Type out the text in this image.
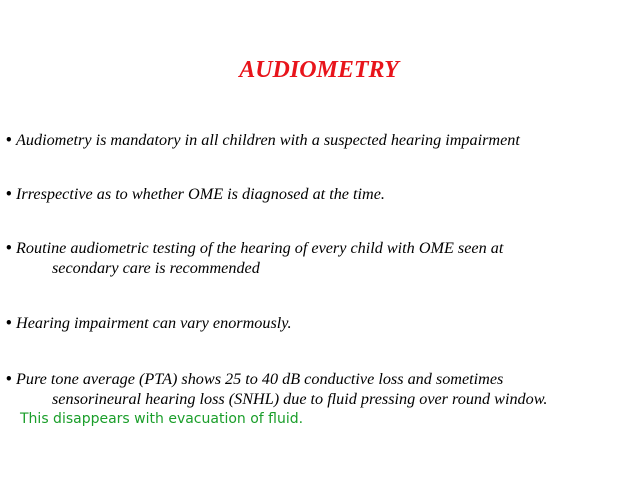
AUDIOMETRY
• Audiometry is mandatory in all children with a suspected hearing impairment
• Irrespective as to whether OME is diagnosed at the time.
• Routine audiometric testing of the hearing of every child with OME seen at
secondary care is recommended
• Hearing impairment can vary enormously.
• Pure tone average (PTA) shows 25 to 40 dB conductive loss and sometimes
sensorineural hearing loss (SNHL) due to fluid pressing over round window.
This disappears with evacuation of fluid.
